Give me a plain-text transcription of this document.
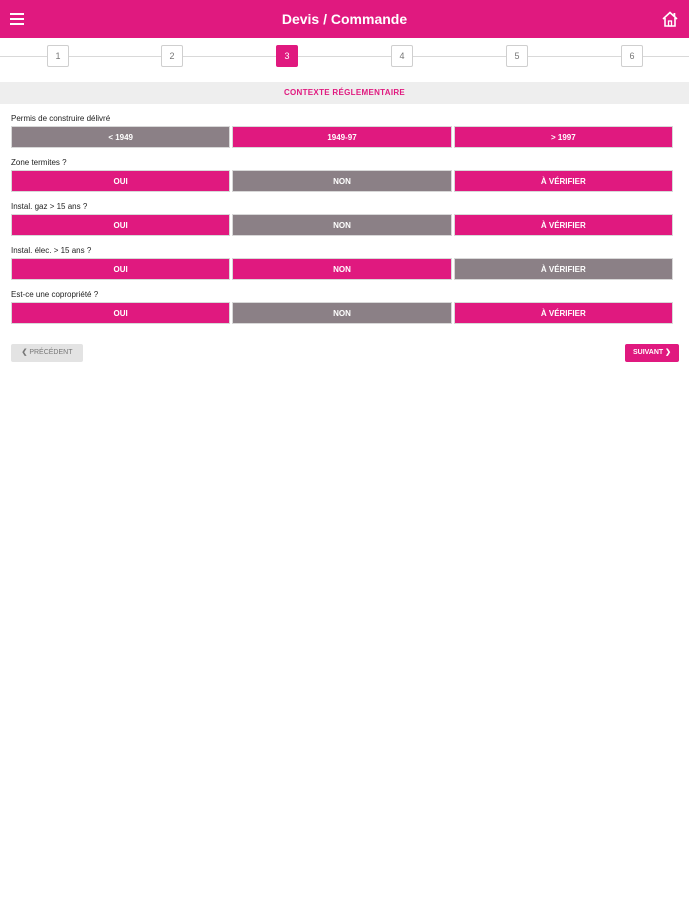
Devis / Commande
1	2	3	4	5	6
CONTEXTE RÉGLEMENTAIRE
Permis de construire délivré
< 1949	1949-97	> 1997
Zone termites ?
OUI	NON	À VÉRIFIER
Instal. gaz > 15 ans ?
OUI	NON	À VÉRIFIER
Instal. élec. > 15 ans ?
OUI	NON	À VÉRIFIER
Est-ce une copropriété ?
OUI	NON	À VÉRIFIER
❮ PRÉCÉDENT	SUIVANT ❯
